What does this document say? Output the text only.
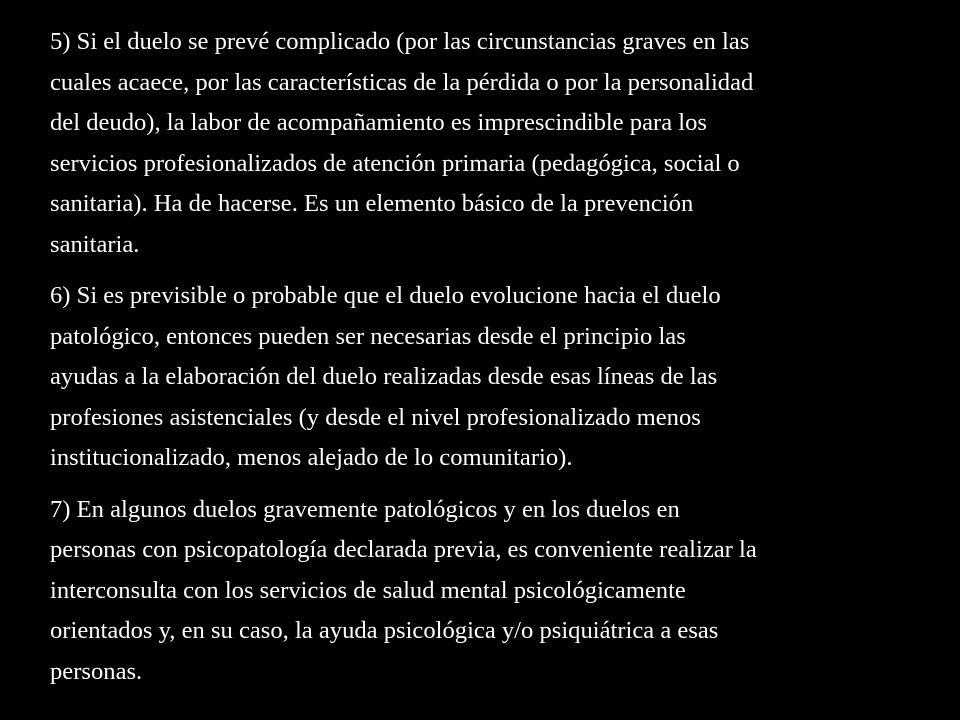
5) Si el duelo se prevé complicado (por las circunstancias graves en las
cuales acaece, por las características de la pérdida o por la personalidad
del deudo), la labor de acompañamiento es imprescindible para los
servicios profesionalizados de atención primaria (pedagógica, social o
sanitaria). Ha de hacerse. Es un elemento básico de la prevención
sanitaria.
6) Si es previsible o probable que el duelo evolucione hacia el duelo
patológico, entonces pueden ser necesarias desde el principio las
ayudas a la elaboración del duelo realizadas desde esas líneas de las
profesiones asistenciales (y desde el nivel profesionalizado menos
institucionalizado, menos alejado de lo comunitario).
7) En algunos duelos gravemente patológicos y en los duelos en
personas con psicopatología declarada previa, es conveniente realizar la
interconsulta con los servicios de salud mental psicológicamente
orientados y, en su caso, la ayuda psicológica y/o psiquiátrica a esas
personas.
